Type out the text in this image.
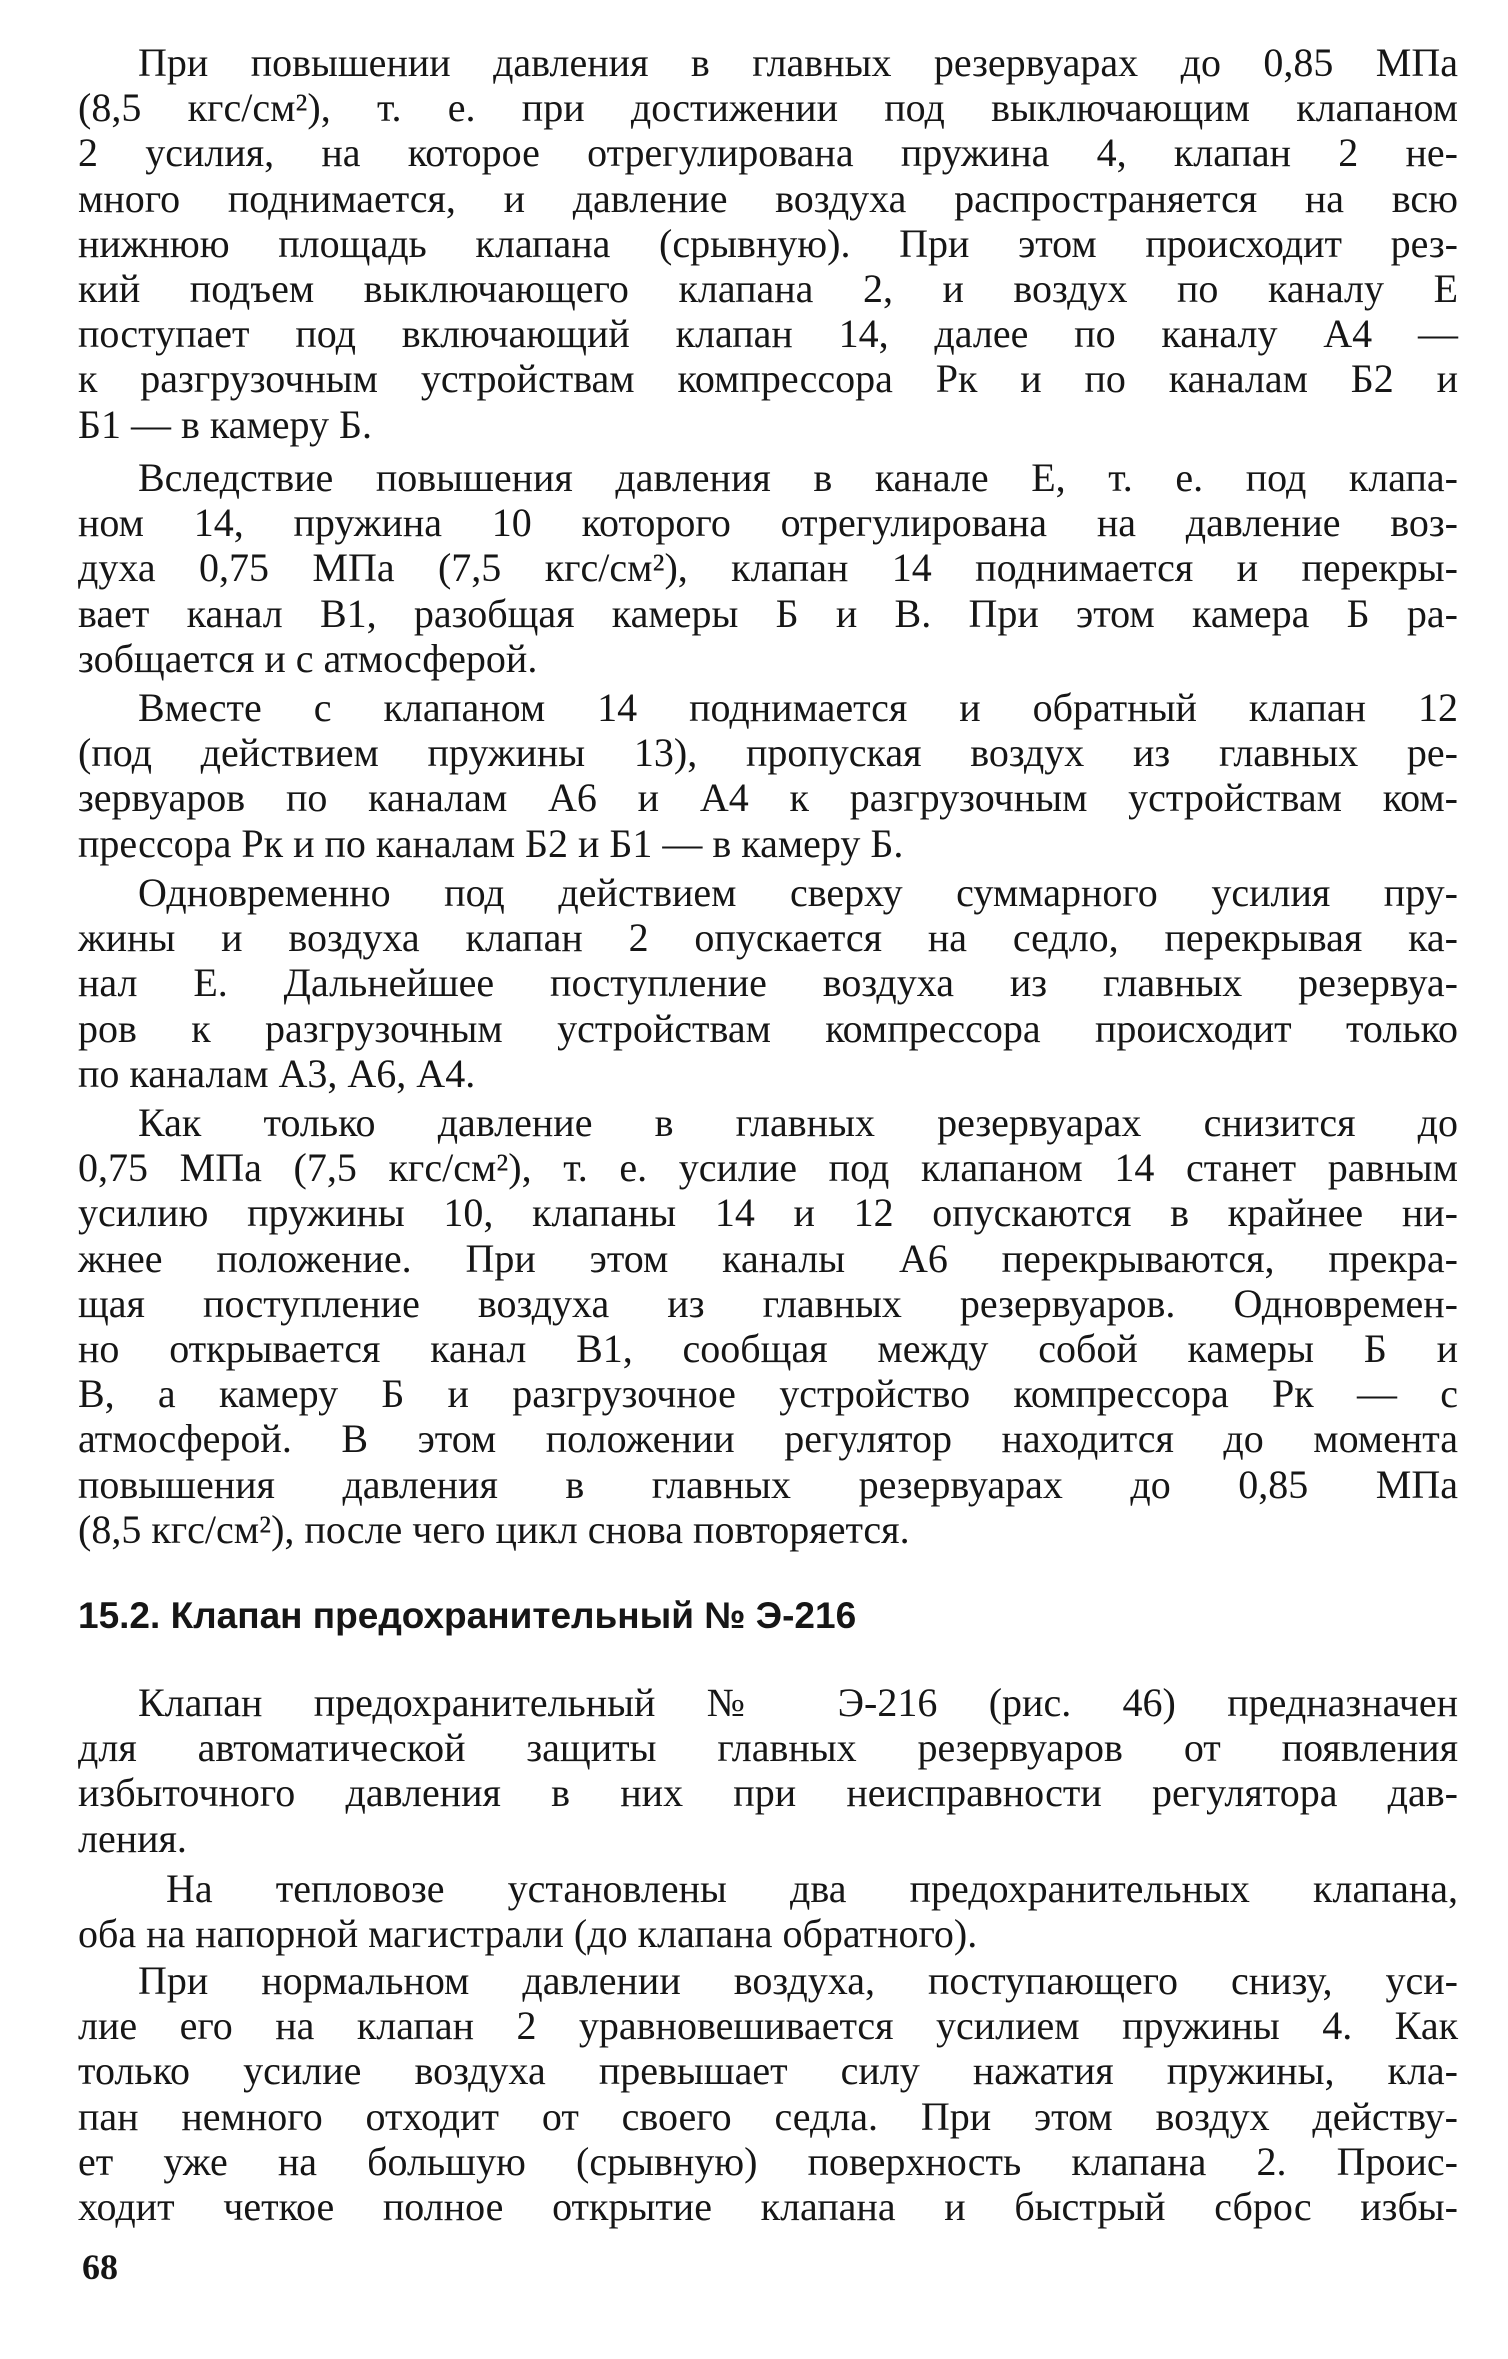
При повышении давления в главных резервуарах до 0,85 МПа
(8,5 кгс/см²), т. е. при достижении под выключающим клапаном
2 усилия, на которое отрегулирована пружина 4, клапан 2 не-
много поднимается, и давление воздуха распространяется на всю
нижнюю площадь клапана (срывную). При этом происходит рез-
кий подъем выключающего клапана 2, и воздух по каналу Е
поступает под включающий клапан 14, далее по каналу А4 —
к разгрузочным устройствам компрессора Рк и по каналам Б2 и
Б1 — в камеру Б.
Вследствие повышения давления в канале Е, т. е. под клапа-
ном 14, пружина 10 которого отрегулирована на давление воз-
духа 0,75 МПа (7,5 кгс/см²), клапан 14 поднимается и перекры-
вает канал В1, разобщая камеры Б и В. При этом камера Б ра-
зобщается и с атмосферой.
Вместе с клапаном 14 поднимается и обратный клапан 12
(под действием пружины 13), пропуская воздух из главных ре-
зервуаров по каналам А6 и А4 к разгрузочным устройствам ком-
прессора Рк и по каналам Б2 и Б1 — в камеру Б.
Одновременно под действием сверху суммарного усилия пру-
жины и воздуха клапан 2 опускается на седло, перекрывая ка-
нал Е. Дальнейшее поступление воздуха из главных резервуа-
ров к разгрузочным устройствам компрессора происходит только
по каналам А3, А6, А4.
Как только давление в главных резервуарах снизится до
0,75 МПа (7,5 кгс/см²), т. е. усилие под клапаном 14 станет равным
усилию пружины 10, клапаны 14 и 12 опускаются в крайнее ни-
жнее положение. При этом каналы А6 перекрываются, прекра-
щая поступление воздуха из главных резервуаров. Одновремен-
но открывается канал В1, сообщая между собой камеры Б и
В, а камеру Б и разгрузочное устройство компрессора Рк — с
атмосферой. В этом положении регулятор находится до момента
повышения давления в главных резервуарах до 0,85 МПа
(8,5 кгс/см²), после чего цикл снова повторяется.
15.2. Клапан предохранительный № Э-216
Клапан предохранительный № Э-216 (рис. 46) предназначен
для автоматической защиты главных резервуаров от появления
избыточного давления в них при неисправности регулятора дав-
ления.
На тепловозе установлены два предохранительных клапана,
оба на напорной магистрали (до клапана обратного).
При нормальном давлении воздуха, поступающего снизу, уси-
лие его на клапан 2 уравновешивается усилием пружины 4. Как
только усилие воздуха превышает силу нажатия пружины, кла-
пан немного отходит от своего седла. При этом воздух действу-
ет уже на большую (срывную) поверхность клапана 2. Проис-
ходит четкое полное открытие клапана и быстрый сброс избы-
68
